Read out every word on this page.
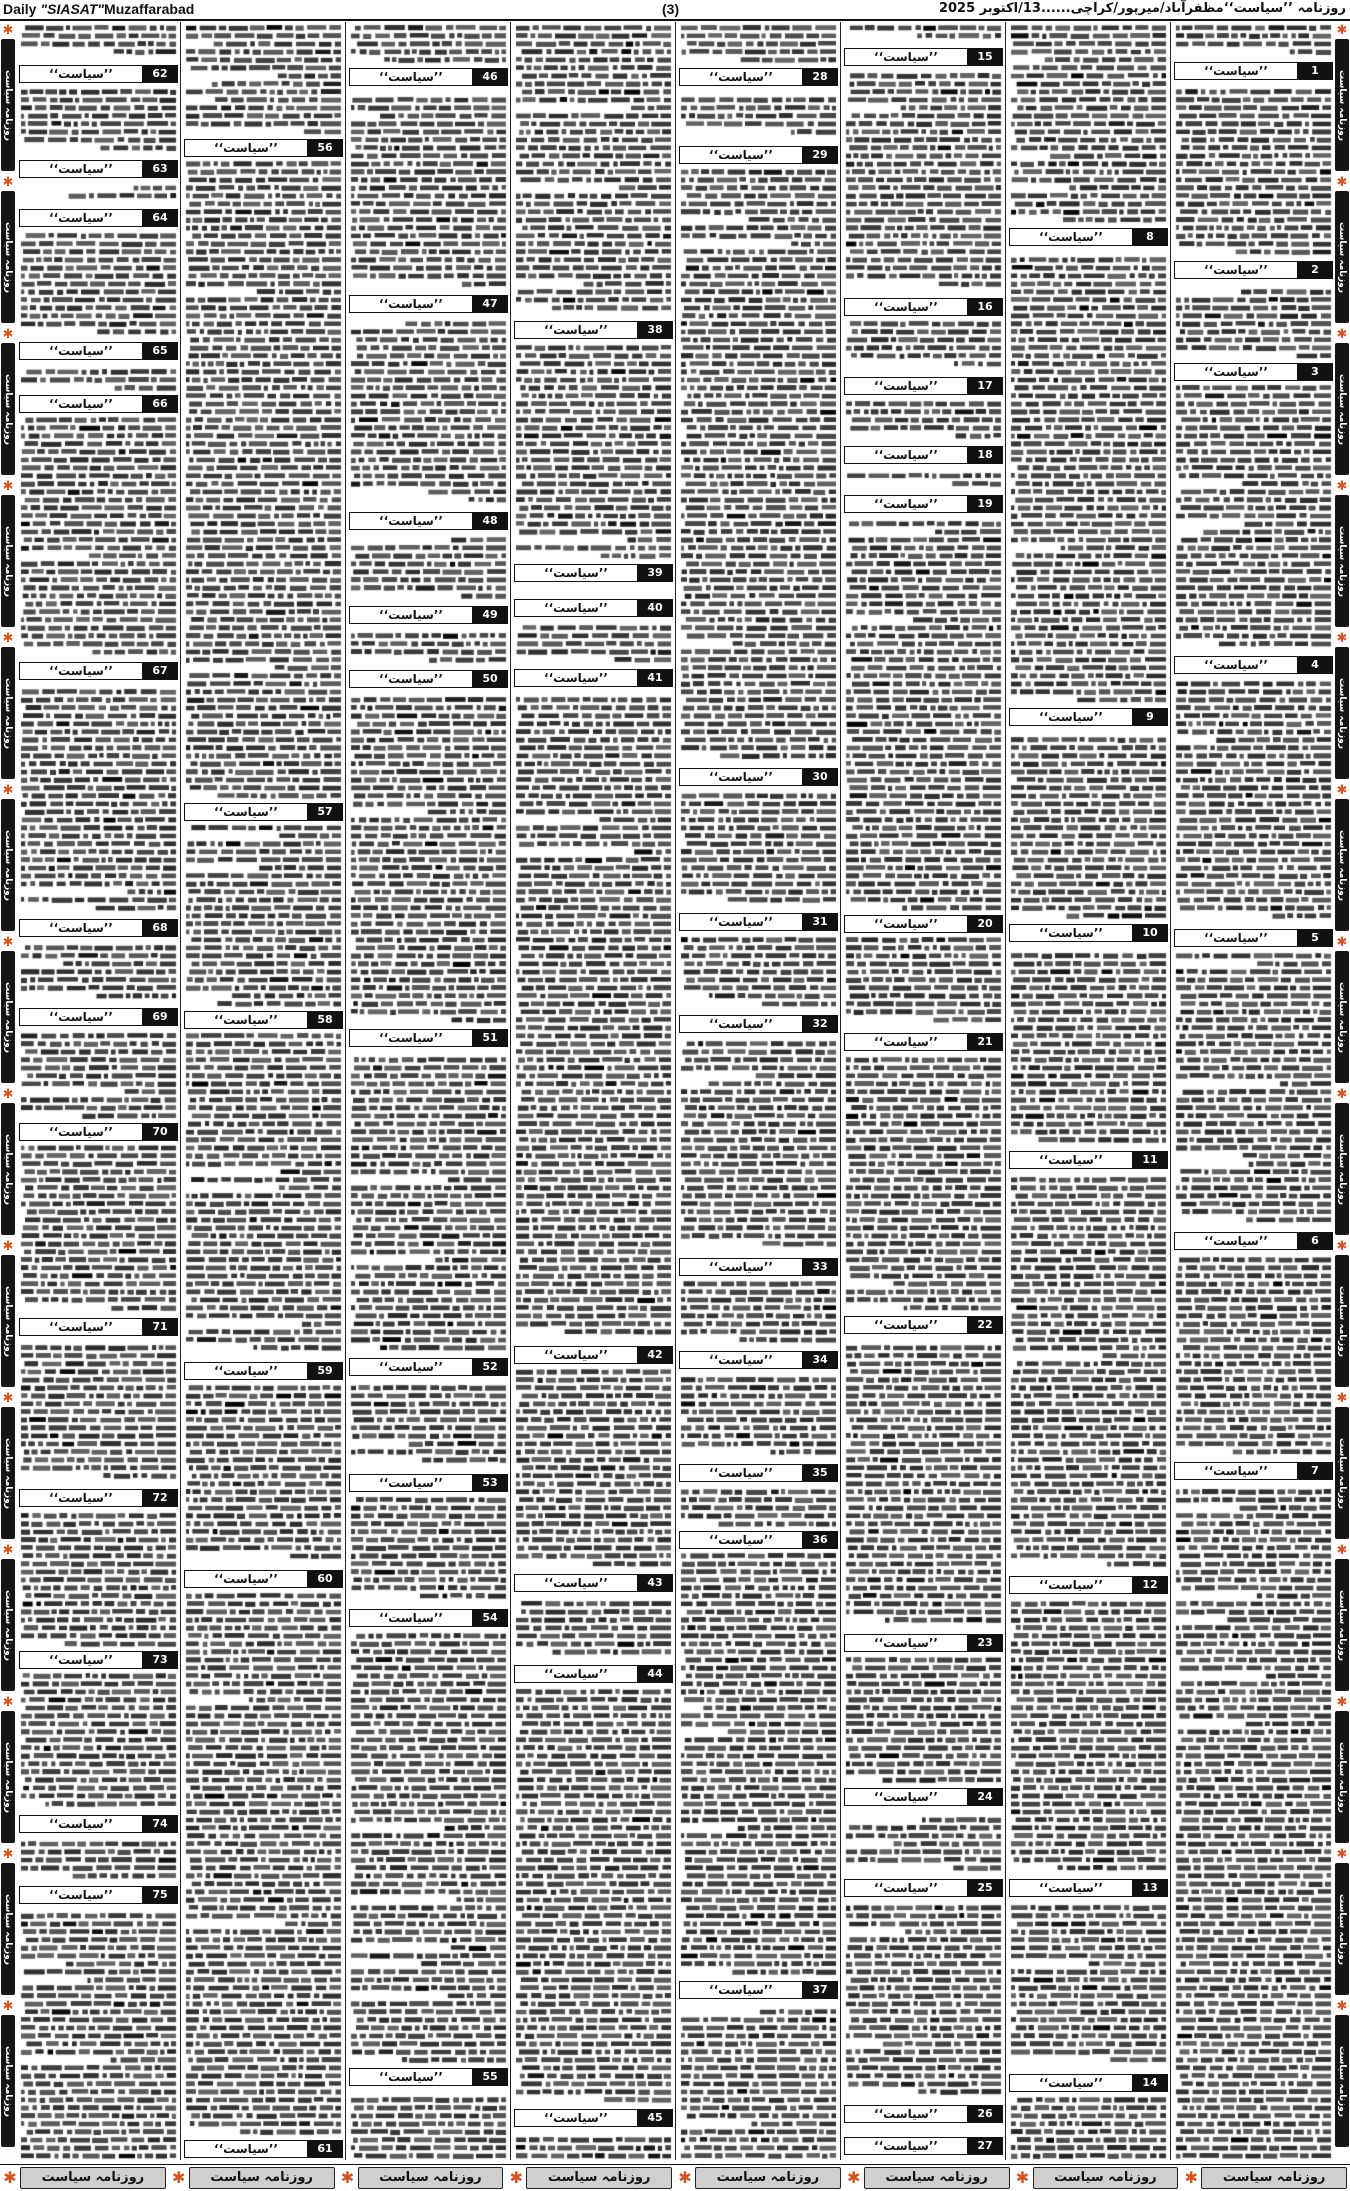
Daily "SIASAT"Muzaffarabad	(3)	روزنامہ ’’سیاست‘‘مظفرآباد/میرپور/کراچی......13/اکتوبر 2025
✱
روزنامہ سیاست
✱
روزنامہ سیاست
✱
روزنامہ سیاست
✱
روزنامہ سیاست
✱
روزنامہ سیاست
✱
روزنامہ سیاست
✱
روزنامہ سیاست
✱
روزنامہ سیاست
✱
روزنامہ سیاست
✱
روزنامہ سیاست
✱
روزنامہ سیاست
✱
روزنامہ سیاست
✱
روزنامہ سیاست
✱
روزنامہ سیاست
✱
روزنامہ سیاست
✱
روزنامہ سیاست
✱
روزنامہ سیاست
✱
روزنامہ سیاست
✱
روزنامہ سیاست
✱
روزنامہ سیاست
✱
روزنامہ سیاست
✱
روزنامہ سیاست
✱
روزنامہ سیاست
✱
روزنامہ سیاست
✱
روزنامہ سیاست
✱
روزنامہ سیاست
✱
روزنامہ سیاست
✱
روزنامہ سیاست
✱	روزنامہ سیاست	✱	روزنامہ سیاست	✱	روزنامہ سیاست	✱	روزنامہ سیاست	✱	روزنامہ سیاست	✱	روزنامہ سیاست	✱	روزنامہ سیاست	✱	روزنامہ سیاست
’’سیاست‘‘	1
’’سیاست‘‘	2
’’سیاست‘‘	3
’’سیاست‘‘	4
’’سیاست‘‘	5
’’سیاست‘‘	6
’’سیاست‘‘	7
’’سیاست‘‘	8
’’سیاست‘‘	9
’’سیاست‘‘	10
’’سیاست‘‘	11
’’سیاست‘‘	12
’’سیاست‘‘	13
’’سیاست‘‘	14
’’سیاست‘‘	15
’’سیاست‘‘	16
’’سیاست‘‘	17
’’سیاست‘‘	18
’’سیاست‘‘	19
’’سیاست‘‘	20
’’سیاست‘‘	21
’’سیاست‘‘	22
’’سیاست‘‘	23
’’سیاست‘‘	24
’’سیاست‘‘	25
’’سیاست‘‘	26
’’سیاست‘‘	27
’’سیاست‘‘	28
’’سیاست‘‘	29
’’سیاست‘‘	30
’’سیاست‘‘	31
’’سیاست‘‘	32
’’سیاست‘‘	33
’’سیاست‘‘	34
’’سیاست‘‘	35
’’سیاست‘‘	36
’’سیاست‘‘	37
’’سیاست‘‘	38
’’سیاست‘‘	39
’’سیاست‘‘	40
’’سیاست‘‘	41
’’سیاست‘‘	42
’’سیاست‘‘	43
’’سیاست‘‘	44
’’سیاست‘‘	45
’’سیاست‘‘	46
’’سیاست‘‘	47
’’سیاست‘‘	48
’’سیاست‘‘	49
’’سیاست‘‘	50
’’سیاست‘‘	51
’’سیاست‘‘	52
’’سیاست‘‘	53
’’سیاست‘‘	54
’’سیاست‘‘	55
’’سیاست‘‘	56
’’سیاست‘‘	57
’’سیاست‘‘	58
’’سیاست‘‘	59
’’سیاست‘‘	60
’’سیاست‘‘	61
’’سیاست‘‘	62
’’سیاست‘‘	63
’’سیاست‘‘	64
’’سیاست‘‘	65
’’سیاست‘‘	66
’’سیاست‘‘	67
’’سیاست‘‘	68
’’سیاست‘‘	69
’’سیاست‘‘	70
’’سیاست‘‘	71
’’سیاست‘‘	72
’’سیاست‘‘	73
’’سیاست‘‘	74
’’سیاست‘‘	75
